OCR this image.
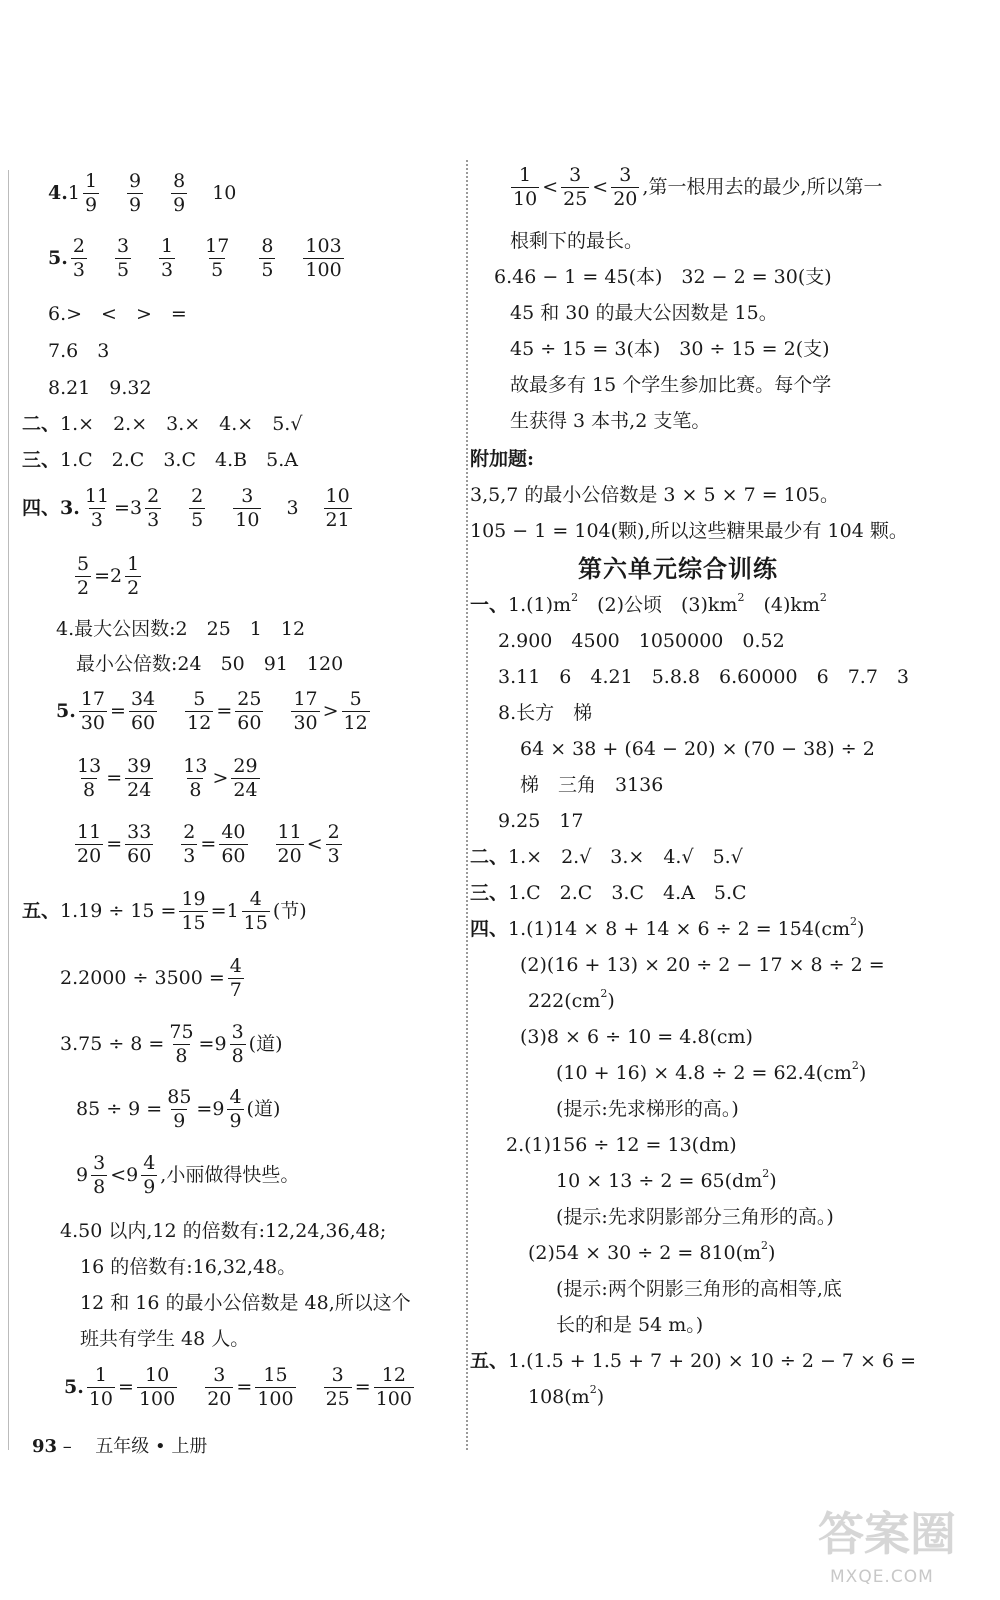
4. 1
1
9
9
9
8
9
10
5.
2
3
3
5
1
3
17
5
8
5
103
100
6.>　<　>　=
7.6　3
8.21　9.32
二、 1.×　2.×　3.×　4.×　5.√
三、 1.C　2.C　3.C　4.B　5.A
四、 3. $\frac{11}{3} =3$
2
3
2
5
3
10
3
10
21
$\frac{5}{2} =2$
1
2
4.最大公因数:2　25　1　12
最小公倍数:24　50　91　120
5. $\frac{17}{30} = \frac{34}{60} \frac{5}{12} = \frac{25}{60} 17$
30
>
5
12
$\frac{13}{8} = \frac{39}{24} 13$
8
>
29
24
$\frac{11}{20} = \frac{33}{60} \frac{2}{3} = \frac{40}{60} 11$
20
<
2
3
五、 $1.19 \div 15 = \frac{19}{15} =1$
4
15
(节)
$2.2000 \div 3500 = \frac{4}{7}$
$3.75 \div 8 = \frac{75}{8} =9$
3
8
(道)
$85 \div 9 = \frac{85}{9} =9$
4
9
(道)
9
3
8
<9
4
9
,小丽做得快些。
4.50 以内,12 的倍数有:12,24,36,48;
16 的倍数有:16,32,48。
12 和 16 的最小公倍数是 48,所以这个
班共有学生 48 人。
5. $\frac{1}{10} = \frac{10}{100} \frac{3}{20} = \frac{15}{100} \frac{3}{25} = \frac{12}{100}$
1
10
<
3
25
<
3
20
,第一根用去的最少,所以第一
根剩下的最长。
6.46 − 1 = 45(本)　32 − 2 = 30(支)
45 和 30 的最大公因数是 15。
45 ÷ 15 = 3(本)　30 ÷ 15 = 2(支)
故最多有 15 个学生参加比赛。每个学
生获得 3 本书,2 支笔。
附加题:
3,5,7 的最小公倍数是 3 × 5 × 7 = 105。
105 − 1 = 104(颗),所以这些糖果最少有 104 颗。
第六单元综合训练
一、 1.(1)m 2 　(2)公顷　(3)km 2 　(4)km 2
2.900　4500　1050000　0.52
3.11　6　4.21　5.8.8　6.60000　6　7.7　3
8.长方　梯
64 × 38 + (64 − 20) × (70 − 38) ÷ 2
梯　三角　3136
9.25　17
二、 1.×　2.√　3.×　4.√　5.√
三、 1.C　2.C　3.C　4.A　5.C
四、 1.(1)14 × 8 + 14 × 6 ÷ 2 = 154(cm 2 )
(2)(16 + 13) × 20 ÷ 2 − 17 × 8 ÷ 2 =
222(cm 2 )
(3)8 × 6 ÷ 10 = 4.8(cm)
(10 + 16) × 4.8 ÷ 2 = 62.4(cm 2 )
(提示:先求梯形的高。)
2.(1)156 ÷ 12 = 13(dm)
10 × 13 ÷ 2 = 65(dm 2 )
(提示:先求阴影部分三角形的高。)
(2)54 × 30 ÷ 2 = 810(m 2 )
(提示:两个阴影三角形的高相等,底
长的和是 54 m。)
五、 1.(1.5 + 1.5 + 7 + 20) × 10 ÷ 2 − 7 × 6 =
108(m 2 )
93 – 五年级 • 上册
答案圈
MXQE.COM
